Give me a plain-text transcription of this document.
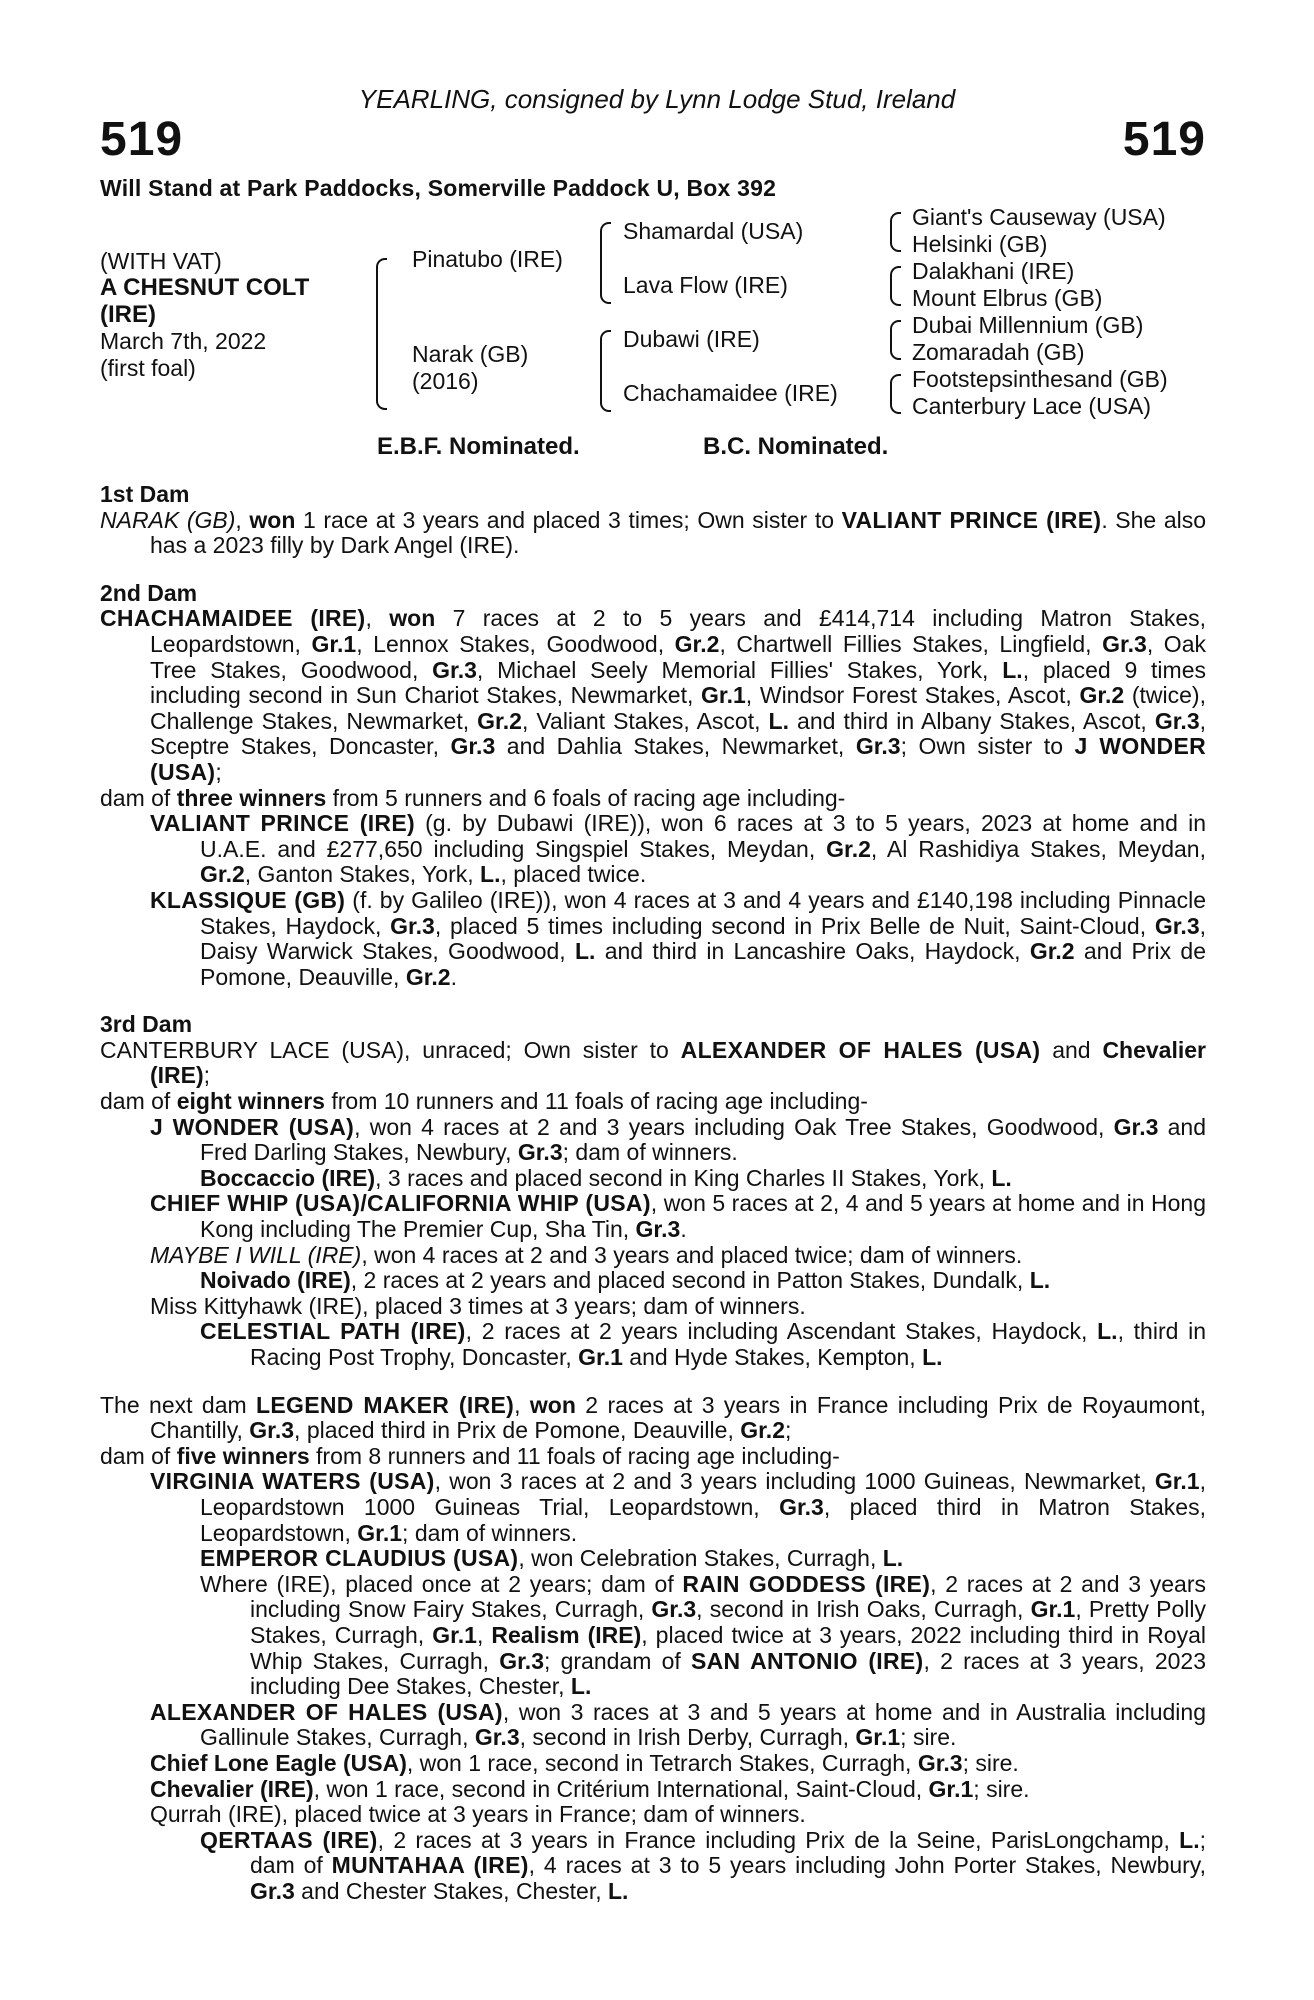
YEARLING, consigned by Lynn Lodge Stud, Ireland
519	519
Will Stand at Park Paddocks, Somerville Paddock U, Box 392
(WITH VAT)
A CHESNUT COLT
(IRE)
March 7th, 2022
(first foal)
Pinatubo (IRE)
Narak (GB)
(2016)
Shamardal (USA)
Lava Flow (IRE)
Dubawi (IRE)
Chachamaidee (IRE)
Giant's Causeway (USA)
Helsinki (GB)
Dalakhani (IRE)
Mount Elbrus (GB)
Dubai Millennium (GB)
Zomaradah (GB)
Footstepsinthesand (GB)
Canterbury Lace (USA)
E.B.F. Nominated.	B.C. Nominated.
1st Dam
NARAK (GB), won 1 race at 3 years and placed 3 times; Own sister to VALIANT PRINCE (IRE). She also has a 2023 filly by Dark Angel (IRE).
2nd Dam
CHACHAMAIDEE (IRE), won 7 races at 2 to 5 years and £414,714 including Matron Stakes, Leopardstown, Gr.1, Lennox Stakes, Goodwood, Gr.2, Chartwell Fillies Stakes, Lingfield, Gr.3, Oak Tree Stakes, Goodwood, Gr.3, Michael Seely Memorial Fillies' Stakes, York, L., placed 9 times including second in Sun Chariot Stakes, Newmarket, Gr.1, Windsor Forest Stakes, Ascot, Gr.2 (twice), Challenge Stakes, Newmarket, Gr.2, Valiant Stakes, Ascot, L. and third in Albany Stakes, Ascot, Gr.3, Sceptre Stakes, Doncaster, Gr.3 and Dahlia Stakes, Newmarket, Gr.3; Own sister to J WONDER (USA);
dam of three winners from 5 runners and 6 foals of racing age including-
VALIANT PRINCE (IRE) (g. by Dubawi (IRE)), won 6 races at 3 to 5 years, 2023 at home and in U.A.E. and £277,650 including Singspiel Stakes, Meydan, Gr.2, Al Rashidiya Stakes, Meydan, Gr.2, Ganton Stakes, York, L., placed twice.
KLASSIQUE (GB) (f. by Galileo (IRE)), won 4 races at 3 and 4 years and £140,198 including Pinnacle Stakes, Haydock, Gr.3, placed 5 times including second in Prix Belle de Nuit, Saint-Cloud, Gr.3, Daisy Warwick Stakes, Goodwood, L. and third in Lancashire Oaks, Haydock, Gr.2 and Prix de Pomone, Deauville, Gr.2.
3rd Dam
CANTERBURY LACE (USA), unraced; Own sister to ALEXANDER OF HALES (USA) and Chevalier (IRE);
dam of eight winners from 10 runners and 11 foals of racing age including-
J WONDER (USA), won 4 races at 2 and 3 years including Oak Tree Stakes, Goodwood, Gr.3 and Fred Darling Stakes, Newbury, Gr.3; dam of winners.
Boccaccio (IRE), 3 races and placed second in King Charles II Stakes, York, L.
CHIEF WHIP (USA)/CALIFORNIA WHIP (USA), won 5 races at 2, 4 and 5 years at home and in Hong Kong including The Premier Cup, Sha Tin, Gr.3.
MAYBE I WILL (IRE), won 4 races at 2 and 3 years and placed twice; dam of winners.
Noivado (IRE), 2 races at 2 years and placed second in Patton Stakes, Dundalk, L.
Miss Kittyhawk (IRE), placed 3 times at 3 years; dam of winners.
CELESTIAL PATH (IRE), 2 races at 2 years including Ascendant Stakes, Haydock, L., third in Racing Post Trophy, Doncaster, Gr.1 and Hyde Stakes, Kempton, L.
The next dam LEGEND MAKER (IRE), won 2 races at 3 years in France including Prix de Royaumont, Chantilly, Gr.3, placed third in Prix de Pomone, Deauville, Gr.2;
dam of five winners from 8 runners and 11 foals of racing age including-
VIRGINIA WATERS (USA), won 3 races at 2 and 3 years including 1000 Guineas, Newmarket, Gr.1, Leopardstown 1000 Guineas Trial, Leopardstown, Gr.3, placed third in Matron Stakes, Leopardstown, Gr.1; dam of winners.
EMPEROR CLAUDIUS (USA), won Celebration Stakes, Curragh, L.
Where (IRE), placed once at 2 years; dam of RAIN GODDESS (IRE), 2 races at 2 and 3 years including Snow Fairy Stakes, Curragh, Gr.3, second in Irish Oaks, Curragh, Gr.1, Pretty Polly Stakes, Curragh, Gr.1, Realism (IRE), placed twice at 3 years, 2022 including third in Royal Whip Stakes, Curragh, Gr.3; grandam of SAN ANTONIO (IRE), 2 races at 3 years, 2023 including Dee Stakes, Chester, L.
ALEXANDER OF HALES (USA), won 3 races at 3 and 5 years at home and in Australia including Gallinule Stakes, Curragh, Gr.3, second in Irish Derby, Curragh, Gr.1; sire.
Chief Lone Eagle (USA), won 1 race, second in Tetrarch Stakes, Curragh, Gr.3; sire.
Chevalier (IRE), won 1 race, second in Critérium International, Saint-Cloud, Gr.1; sire.
Qurrah (IRE), placed twice at 3 years in France; dam of winners.
QERTAAS (IRE), 2 races at 3 years in France including Prix de la Seine, ParisLongchamp, L.; dam of MUNTAHAA (IRE), 4 races at 3 to 5 years including John Porter Stakes, Newbury, Gr.3 and Chester Stakes, Chester, L.
